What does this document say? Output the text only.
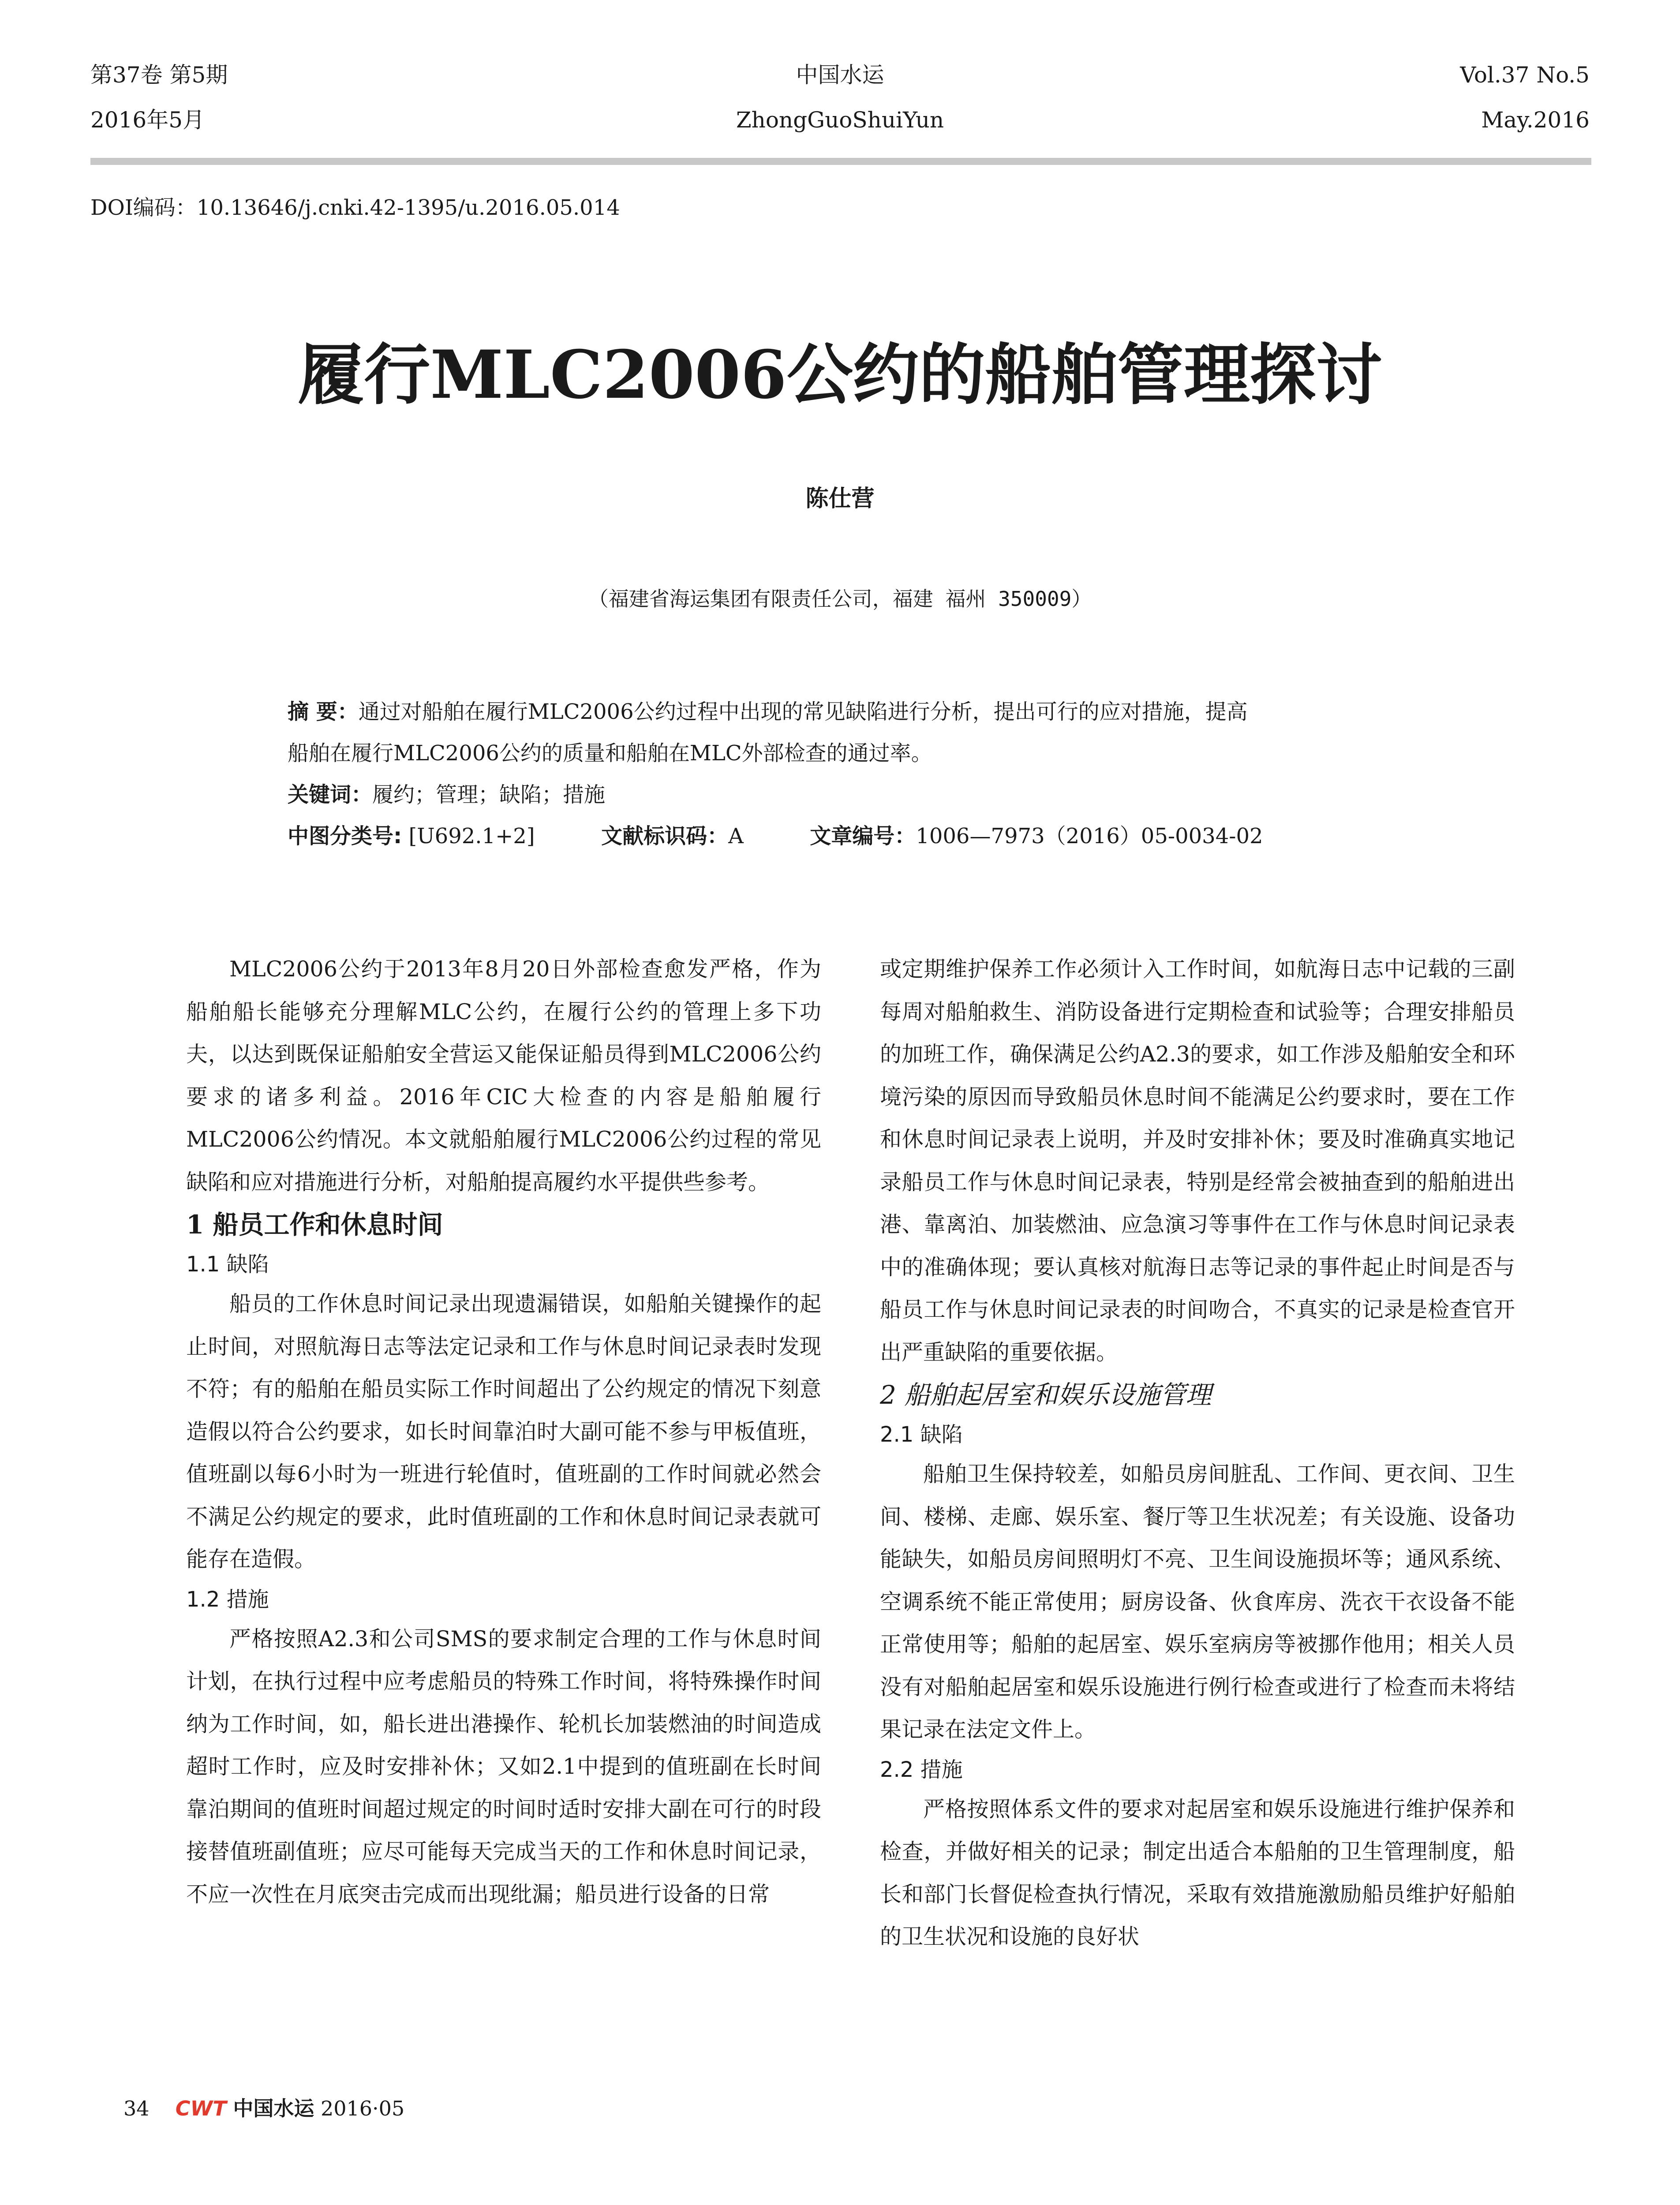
第37卷 第5期
2016年5月
中国水运
ZhongGuoShuiYun
Vol.37 No.5
May.2016
DOI编码：10.13646/j.cnki.42-1395/u.2016.05.014
履行MLC2006公约的船舶管理探讨
陈仕营
（福建省海运集团有限责任公司，福建 福州 350009）
摘 要：通过对船舶在履行MLC2006公约过程中出现的常见缺陷进行分析，提出可行的应对措施，提高
船舶在履行MLC2006公约的质量和船舶在MLC外部检查的通过率。
关键词：履约；管理；缺陷；措施
中图分类号: [U692.1+2]	文献标识码：A	文章编号：1006—7973（2016）05-0034-02

MLC2006公约于2013年8月20日外部检查愈发严格，作为船舶船长能够充分理解MLC公约，在履行公约的管理上多下功夫，以达到既保证船舶安全营运又能保证船员得到MLC2006公约要求的诸多利益。2016年CIC大检查的内容是船舶履行MLC2006公约情况。本文就船舶履行MLC2006公约过程的常见缺陷和应对措施进行分析，对船舶提高履约水平提供些参考。

1 船员工作和休息时间

1.1 缺陷

船员的工作休息时间记录出现遗漏错误，如船舶关键操作的起止时间，对照航海日志等法定记录和工作与休息时间记录表时发现不符；有的船舶在船员实际工作时间超出了公约规定的情况下刻意造假以符合公约要求，如长时间靠泊时大副可能不参与甲板值班，值班副以每6小时为一班进行轮值时，值班副的工作时间就必然会不满足公约规定的要求，此时值班副的工作和休息时间记录表就可能存在造假。

1.2 措施

严格按照A2.3和公司SMS的要求制定合理的工作与休息时间计划，在执行过程中应考虑船员的特殊工作时间，将特殊操作时间纳为工作时间，如，船长进出港操作、轮机长加装燃油的时间造成超时工作时，应及时安排补休；又如2.1中提到的值班副在长时间靠泊期间的值班时间超过规定的时间时适时安排大副在可行的时段接替值班副值班；应尽可能每天完成当天的工作和休息时间记录，不应一次性在月底突击完成而出现纰漏；船员进行设备的日常

或定期维护保养工作必须计入工作时间，如航海日志中记载的三副每周对船舶救生、消防设备进行定期检查和试验等；合理安排船员的加班工作，确保满足公约A2.3的要求，如工作涉及船舶安全和环境污染的原因而导致船员休息时间不能满足公约要求时，要在工作和休息时间记录表上说明，并及时安排补休；要及时准确真实地记录船员工作与休息时间记录表，特别是经常会被抽查到的船舶进出港、靠离泊、加装燃油、应急演习等事件在工作与休息时间记录表中的准确体现；要认真核对航海日志等记录的事件起止时间是否与船员工作与休息时间记录表的时间吻合，不真实的记录是检查官开出严重缺陷的重要依据。

2 船舶起居室和娱乐设施管理

2.1 缺陷

船舶卫生保持较差，如船员房间脏乱、工作间、更衣间、卫生间、楼梯、走廊、娱乐室、餐厅等卫生状况差；有关设施、设备功能缺失，如船员房间照明灯不亮、卫生间设施损坏等；通风系统、空调系统不能正常使用；厨房设备、伙食库房、洗衣干衣设备不能正常使用等；船舶的起居室、娱乐室病房等被挪作他用；相关人员没有对船舶起居室和娱乐设施进行例行检查或进行了检查而未将结果记录在法定文件上。

2.2 措施

严格按照体系文件的要求对起居室和娱乐设施进行维护保养和检查，并做好相关的记录；制定出适合本船舶的卫生管理制度，船长和部门长督促检查执行情况，采取有效措施激励船员维护好船舶的卫生状况和设施的良好状

34 CWT 中国水运 2016·05
